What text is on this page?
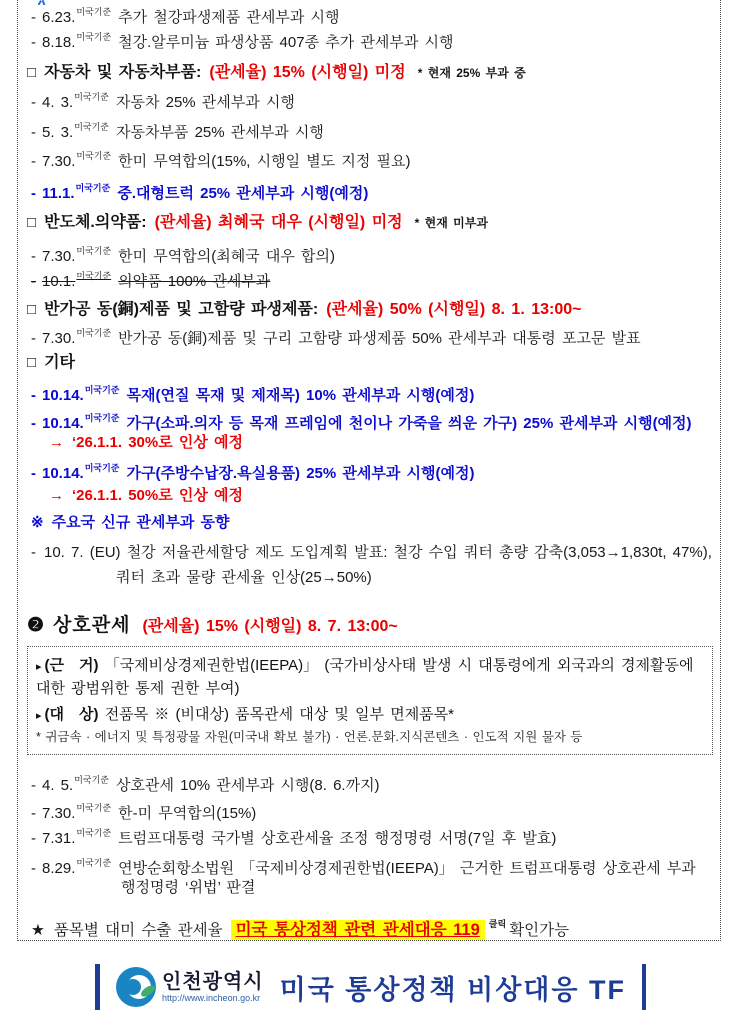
- 6.23.$^{미국기준}$ 추가 철강파생제품 관세부과 시행
- 8.18.$^{미국기준}$ 철강.알루미늄 파생상품 407종 추가 관세부과 시행
□ 자동차 및 자동차부품: (관세율) 15% (시행일) 미정 * 현재 25% 부과 중
- 4. 3.$^{미국기준}$ 자동차 25% 관세부과 시행
- 5. 3.$^{미국기준}$ 자동차부품 25% 관세부과 시행
- 7.30.$^{미국기준}$ 한미 무역합의(15%, 시행일 별도 지정 필요)
- 11.1.$^{미국기준}$ 중.대형트럭 25% 관세부과 시행(예정)
□ 반도체.의약품: (관세율) 최혜국 대우 (시행일) 미정 * 현재 미부과
- 7.30.$^{미국기준}$ 한미 무역합의(최혜국 대우 합의)
- 10.1.$^{미국기준}$ 의약품 100% 관세부과
□ 반가공 동(銅)제품 및 고함량 파생제품: (관세율) 50% (시행일) 8. 1. 13:00~
- 7.30.$^{미국기준}$ 반가공 동(銅)제품 및 구리 고함량 파생제품 50% 관세부과 대통령 포고문 발표
□ 기타
- 10.14.$^{미국기준}$ 목재(연질 목재 및 제재목) 10% 관세부과 시행(예정)
- 10.14.$^{미국기준}$ 가구(소파.의자 등 목재 프레임에 천이나 가죽을 씌운 가구) 25% 관세부과 시행(예정)
→ ‘26.1.1. 30%로 인상 예정
- 10.14.$^{미국기준}$ 가구(주방수납장.욕실용품) 25% 관세부과 시행(예정)
→ ‘26.1.1. 50%로 인상 예정
※ 주요국 신규 관세부과 동향
- 10. 7. (EU) 철강 저율관세할당 제도 도입계획 발표: 철강 수입 쿼터 총량 감축(3,053→1,830t, 47%),
쿼터 초과 물량 관세율 인상(25→50%)
❷ 상호관세 (관세율) 15% (시행일) 8. 7. 13:00~
▸ (근　거) 「국제비상경제권한법(IEEPA)」 (국가비상사태 발생 시 대통령에게 외국과의 경제활동에
대한 광범위한 통제 권한 부여)
▸ (대　상) 전품목 ※ (비대상) 품목관세 대상 및 일부 면제품목*
* 귀금속 · 에너지 및 특정광물 자원(미국내 확보 불가) · 언론.문화.지식콘텐츠 · 인도적 지원 물자 등
- 4. 5.$^{미국기준}$ 상호관세 10% 관세부과 시행(8. 6.까지)
- 7.30.$^{미국기준}$ 한-미 무역합의(15%)
- 7.31.$^{미국기준}$ 트럼프대통령 국가별 상호관세율 조정 행정명령 서명(7일 후 발효)
- 8.29.$^{미국기준}$ 연방순회항소법원 「국제비상경제권한법(IEEPA)」 근거한 트럼프대통령 상호관세 부과
행정명령 ‘위법’ 판결
★ 품목별 대미 수출 관세율 미국 통상정책 관련 관세대응 119 $^{클릭}$ 확인가능
인천광역시
http://www.incheon.go.kr 미국 통상정책 비상대응 TF
